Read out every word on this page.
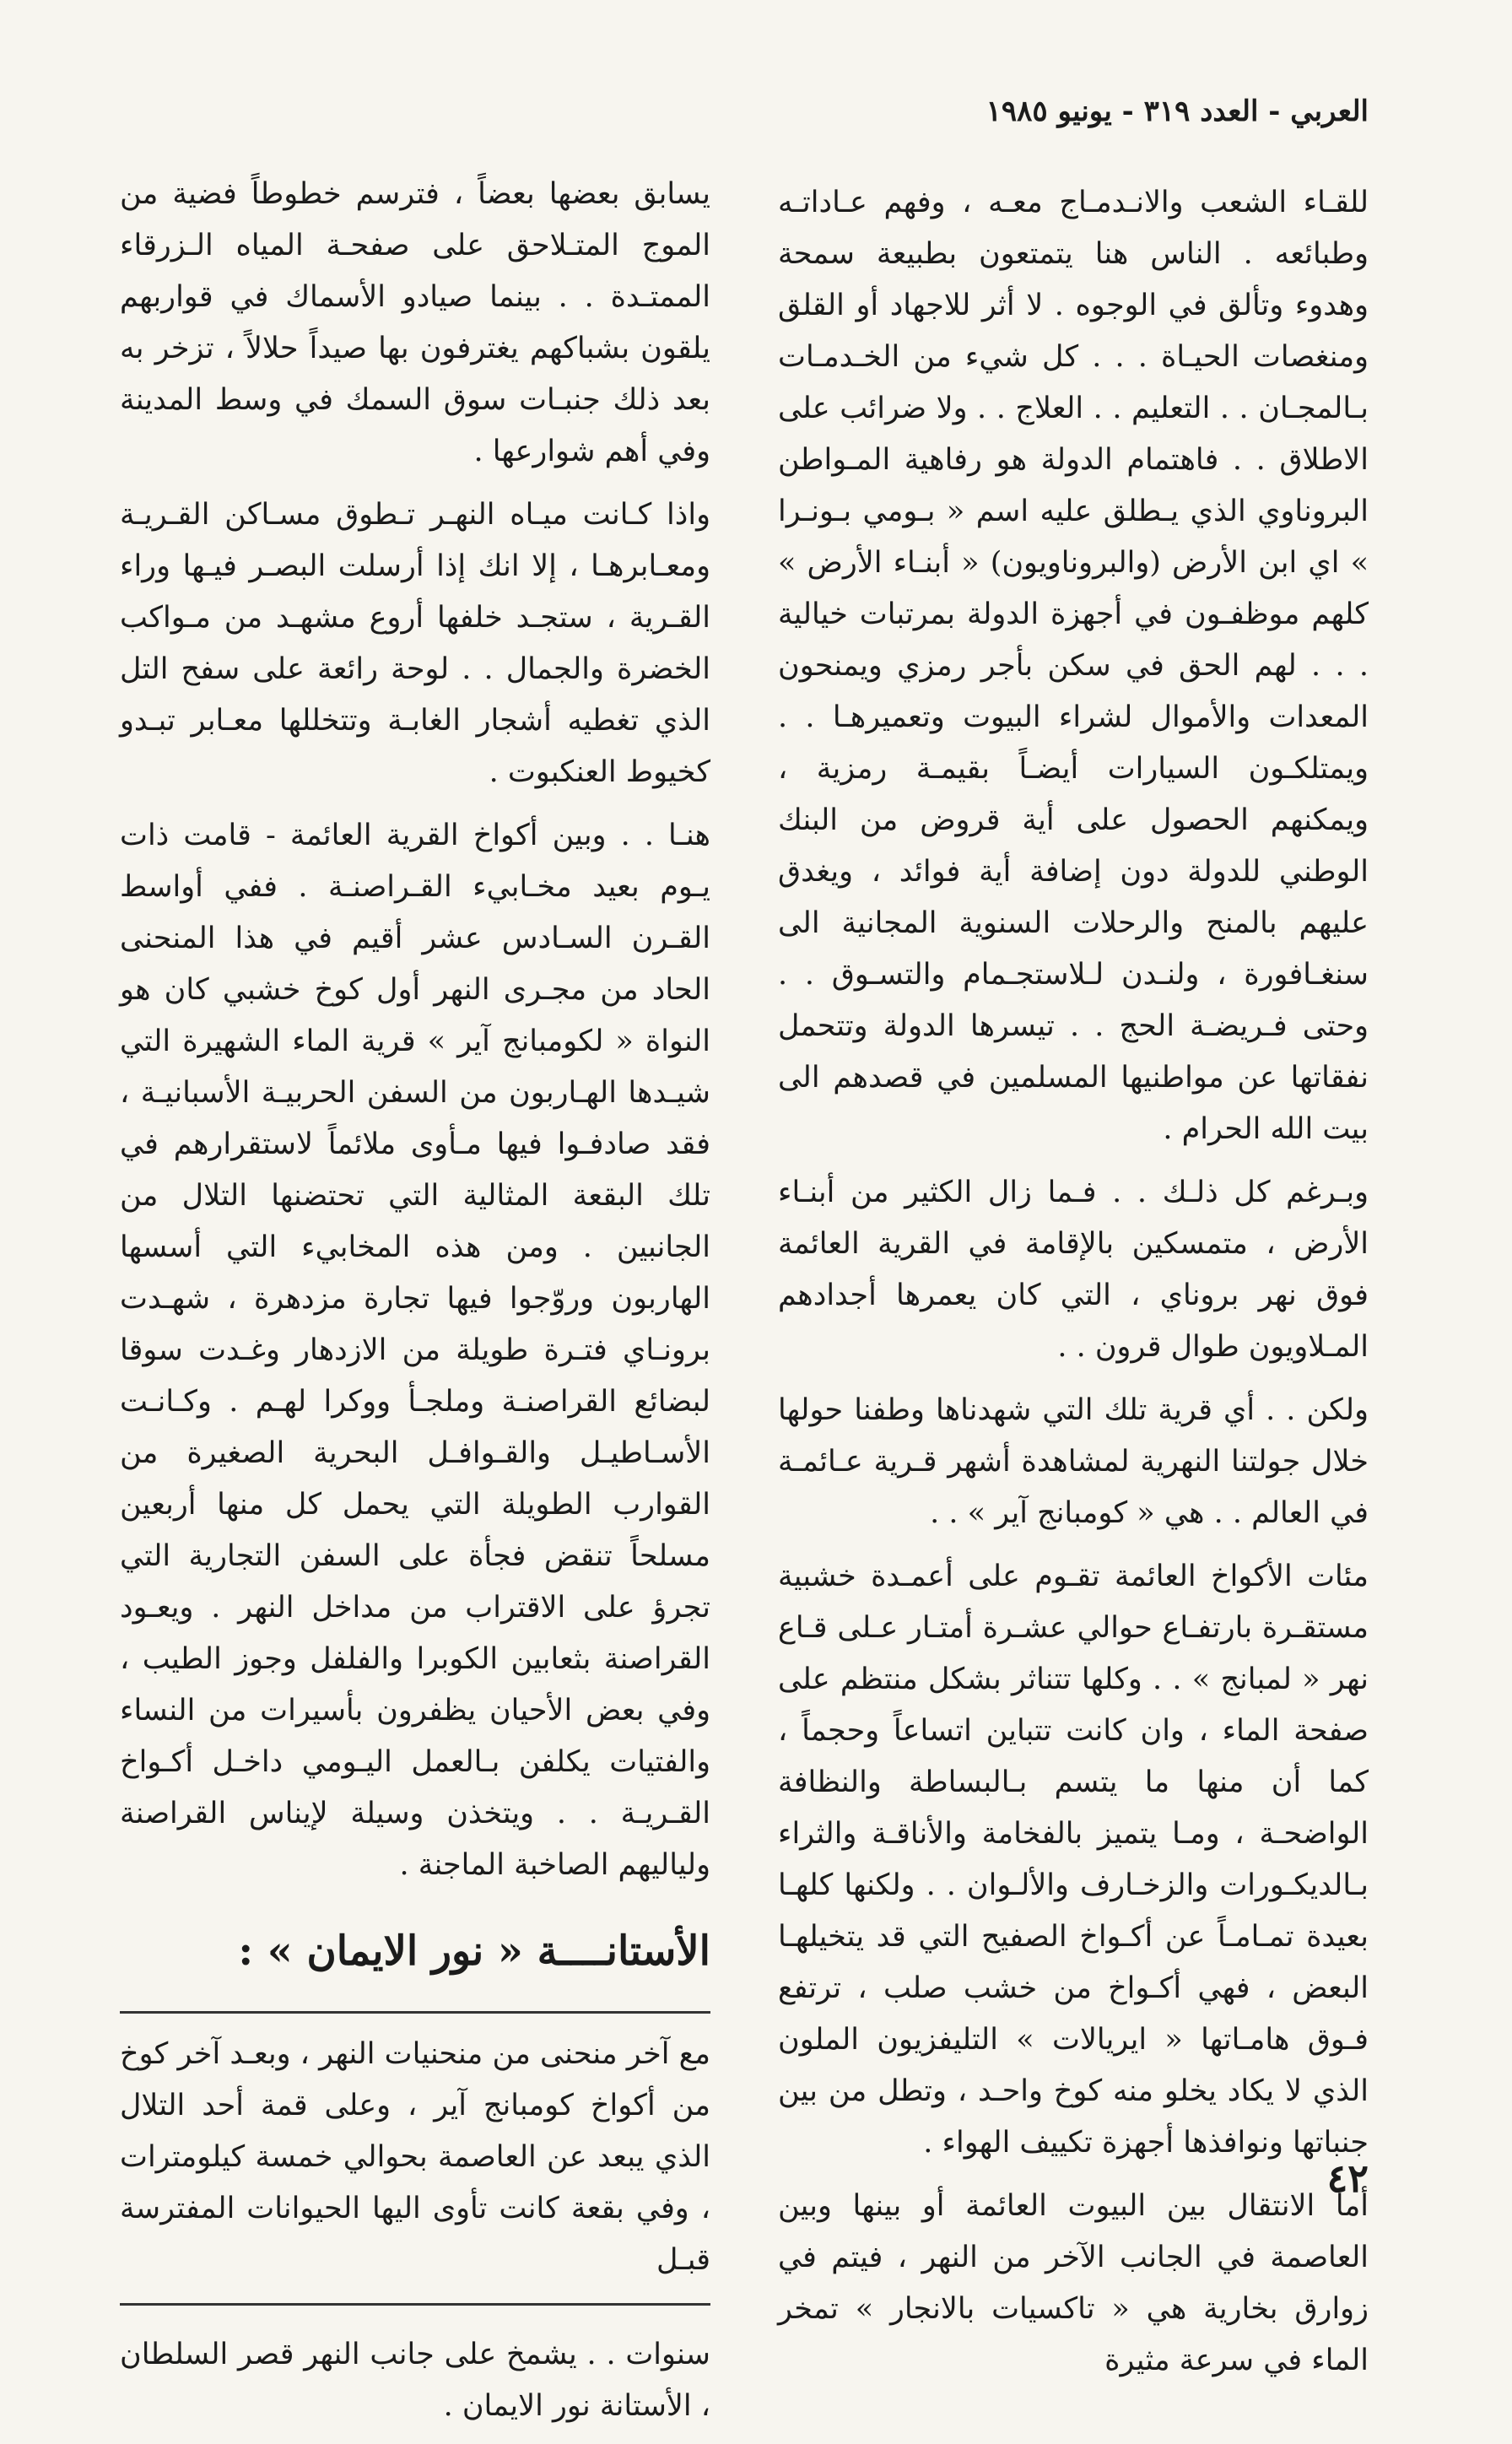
العربي - العدد ٣١٩ - يونيو ١٩٨٥

للقـاء الشعب والانـدمـاج معـه ، وفهم عـاداتـه وطبائعه . الناس هنا يتمتعون بطبيعة سمحة وهدوء وتألق في الوجوه . لا أثر للاجهاد أو القلق ومنغصات الحيـاة . . . كل شيء من الخـدمـات بـالمجـان . . التعليم . . العلاج . . ولا ضرائب على الاطلاق . . فاهتمام الدولة هو رفاهية المـواطن البروناوي الذي يـطلق عليه اسم « بـومي بـونـرا » اي ابن الأرض (والبروناويون) « أبنـاء الأرض » كلهم موظفـون في أجهزة الدولة بمرتبات خيالية . . . لهم الحق في سكن بأجر رمزي ويمنحون المعدات والأموال لشراء البيوت وتعميرهـا . . ويمتلكـون السيارات أيضـاً بقيمـة رمزية ، ويمكنهم الحصول على أية قروض من البنك الوطني للدولة دون إضافة أية فوائد ، ويغدق عليهم بالمنح والرحلات السنوية المجانية الى سنغـافورة ، ولنـدن لـلاستجـمام والتسـوق . . وحتى فـريضـة الحج . . تيسرها الدولة وتتحمل نفقاتها عن مواطنيها المسلمين في قصدهم الى بيت الله الحرام .

وبـرغم كل ذلـك . . فـما زال الكثير من أبنـاء الأرض ، متمسكين بالإقامة في القرية العائمة فوق نهر بروناي ، التي كان يعمرها أجدادهم المـلاويون طوال قرون . .

ولكن . . أي قرية تلك التي شهدناها وطفنا حولها خلال جولتنا النهرية لمشاهدة أشهر قـرية عـائمـة في العالم . . هي « كومبانج آير » . .

مئات الأكواخ العائمة تقـوم على أعمـدة خشبية مستقـرة بارتفـاع حوالي عشـرة أمتـار عـلى قـاع نهر « لمبانج » . . وكلها تتناثر بشكل منتظم على صفحة الماء ، وان كانت تتباين اتساعاً وحجماً ، كما أن منها ما يتسم بـالبساطة والنظافة الواضحـة ، ومـا يتميز بالفخامة والأناقـة والثراء بـالديكـورات والزخـارف والألـوان . . ولكنها كلهـا بعيدة تمـامـاً عن أكـواخ الصفيح التي قد يتخيلهـا البعض ، فهي أكـواخ من خشب صلب ، ترتفع فـوق هامـاتها « ايريالات » التليفزيون الملون الذي لا يكاد يخلو منه كوخ واحـد ، وتطل من بين جنباتها ونوافذها أجهزة تكييف الهواء .

أما الانتقال بين البيوت العائمة أو بينها وبين العاصمة في الجانب الآخر من النهر ، فيتم في زوارق بخارية هي « تاكسيات بالانجار » تمخر الماء في سرعة مثيرة

يسابق بعضها بعضاً ، فترسم خطوطاً فضية من الموج المتـلاحق على صفحـة المياه الـزرقاء الممتـدة . . بينما صيادو الأسماك في قواربهم يلقون بشباكهم يغترفون بها صيداً حلالاً ، تزخر به بعد ذلك جنبـات سوق السمك في وسط المدينة وفي أهم شوارعها .

واذا كـانت ميـاه النهـر تـطوق مسـاكن القـريـة ومعـابرهـا ، إلا انك إذا أرسلت البصـر فيـها وراء القـرية ، ستجـد خلفها أروع مشهـد من مـواكب الخضرة والجمال . . لوحة رائعة على سفح التل الذي تغطيه أشجار الغابـة وتتخللها معـابر تبـدو كخيوط العنكبوت .

هنـا . . وبين أكواخ القرية العائمة - قامت ذات يـوم بعيد مخـابيء القـراصنـة . ففي أواسط القـرن السـادس عشر أقيم في هذا المنحنى الحاد من مجـرى النهر أول كوخ خشبي كان هو النواة « لكومبانج آير » قرية الماء الشهيرة التي شيـدها الهـاربون من السفن الحربيـة الأسبانيـة ، فقد صادفـوا فيها مـأوى ملائماً لاستقرارهم في تلك البقعة المثالية التي تحتضنها التلال من الجانبين . ومن هذه المخابيء التي أسسها الهاربون وروّجوا فيها تجارة مزدهرة ، شهـدت برونـاي فتـرة طويلة من الازدهار وغـدت سوقا لبضائع القراصنـة وملجـأ ووكرا لهـم . وكـانـت الأسـاطيـل والقـوافـل البحرية الصغيرة من القوارب الطويلة التي يحمل كل منها أربعين مسلحاً تنقض فجأة على السفن التجارية التي تجرؤ على الاقتراب من مداخل النهر . ويعـود القراصنة بثعابين الكوبرا والفلفل وجوز الطيب ، وفي بعض الأحيان يظفرون بأسيرات من النساء والفتيات يكلفن بـالعمل اليـومي داخـل أكـواخ القـريـة . . ويتخذن وسيلة لإيناس القراصنة ولياليهم الصاخبة الماجنة .

الأستانــــة « نور الايمان » :

مع آخر منحنى من منحنيات النهر ، وبعـد آخر كوخ من أكواخ كومبانج آير ، وعلى قمة أحد التلال الذي يبعد عن العاصمة بحوالي خمسة كيلومترات ، وفي بقعة كانت تأوى اليها الحيوانات المفترسة قبـل

سنوات . . يشمخ على جانب النهر قصر السلطان ، الأستانة نور الايمان .

٤٢
